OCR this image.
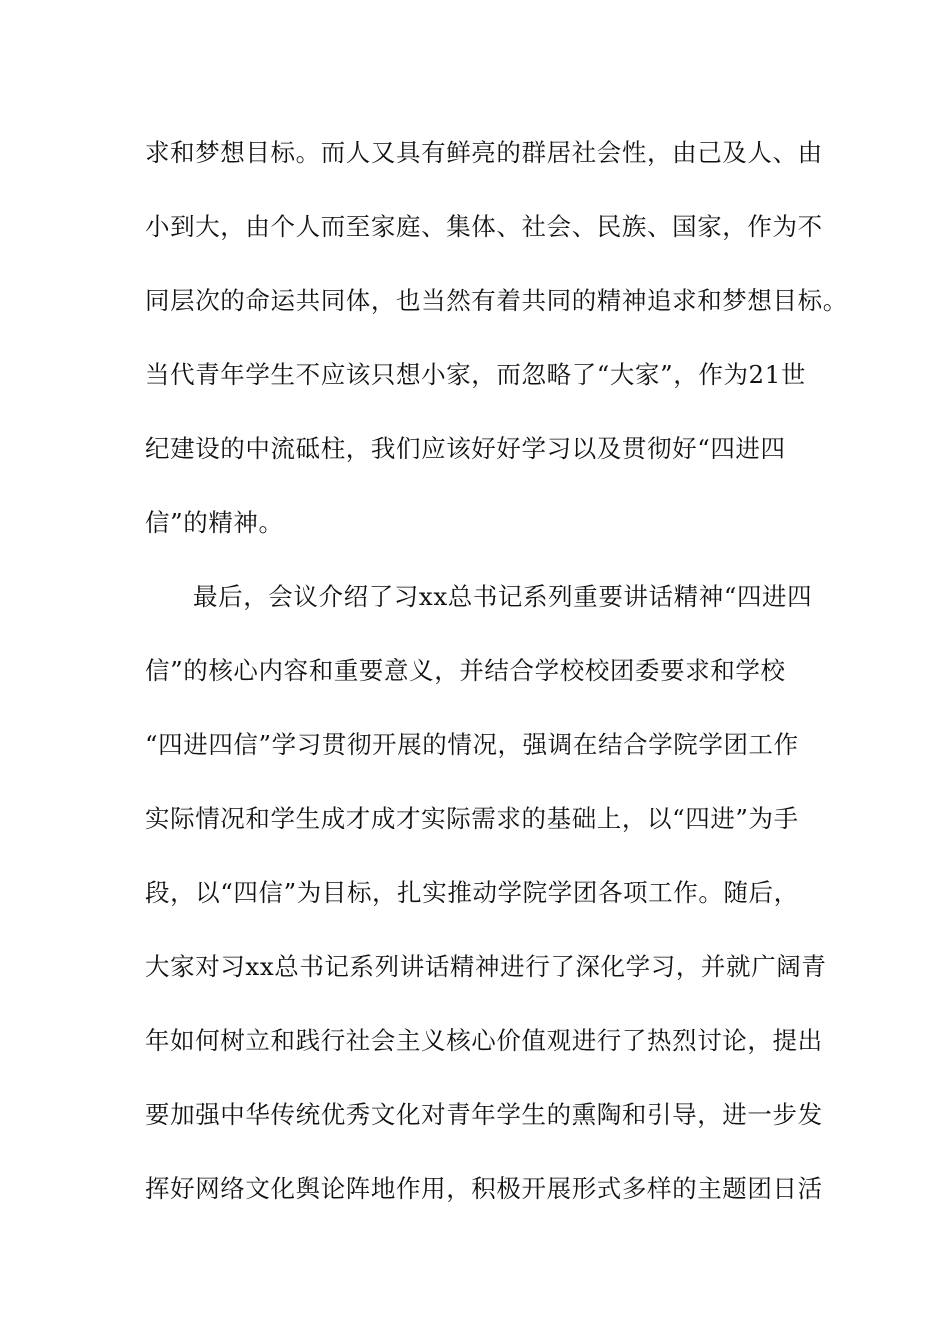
求和梦想目标。而人又具有鲜亮的群居社会性，由己及人、由
小到大，由个人而至家庭、集体、社会、民族、国家，作为不
同层次的命运共同体，也当然有着共同的精神追求和梦想目标。
当代青年学生不应该只想小家，而忽略了“大家”，作为21世
纪建设的中流砥柱，我们应该好好学习以及贯彻好“四进四
信”的精神。
最后，会议介绍了习xx总书记系列重要讲话精神“四进四
信”的核心内容和重要意义，并结合学校校团委要求和学校
“四进四信”学习贯彻开展的情况，强调在结合学院学团工作
实际情况和学生成才成才实际需求的基础上，以“四进”为手
段，以“四信”为目标，扎实推动学院学团各项工作。随后，
大家对习xx总书记系列讲话精神进行了深化学习，并就广阔青
年如何树立和践行社会主义核心价值观进行了热烈讨论，提出
要加强中华传统优秀文化对青年学生的熏陶和引导，进一步发
挥好网络文化舆论阵地作用，积极开展形式多样的主题团日活
